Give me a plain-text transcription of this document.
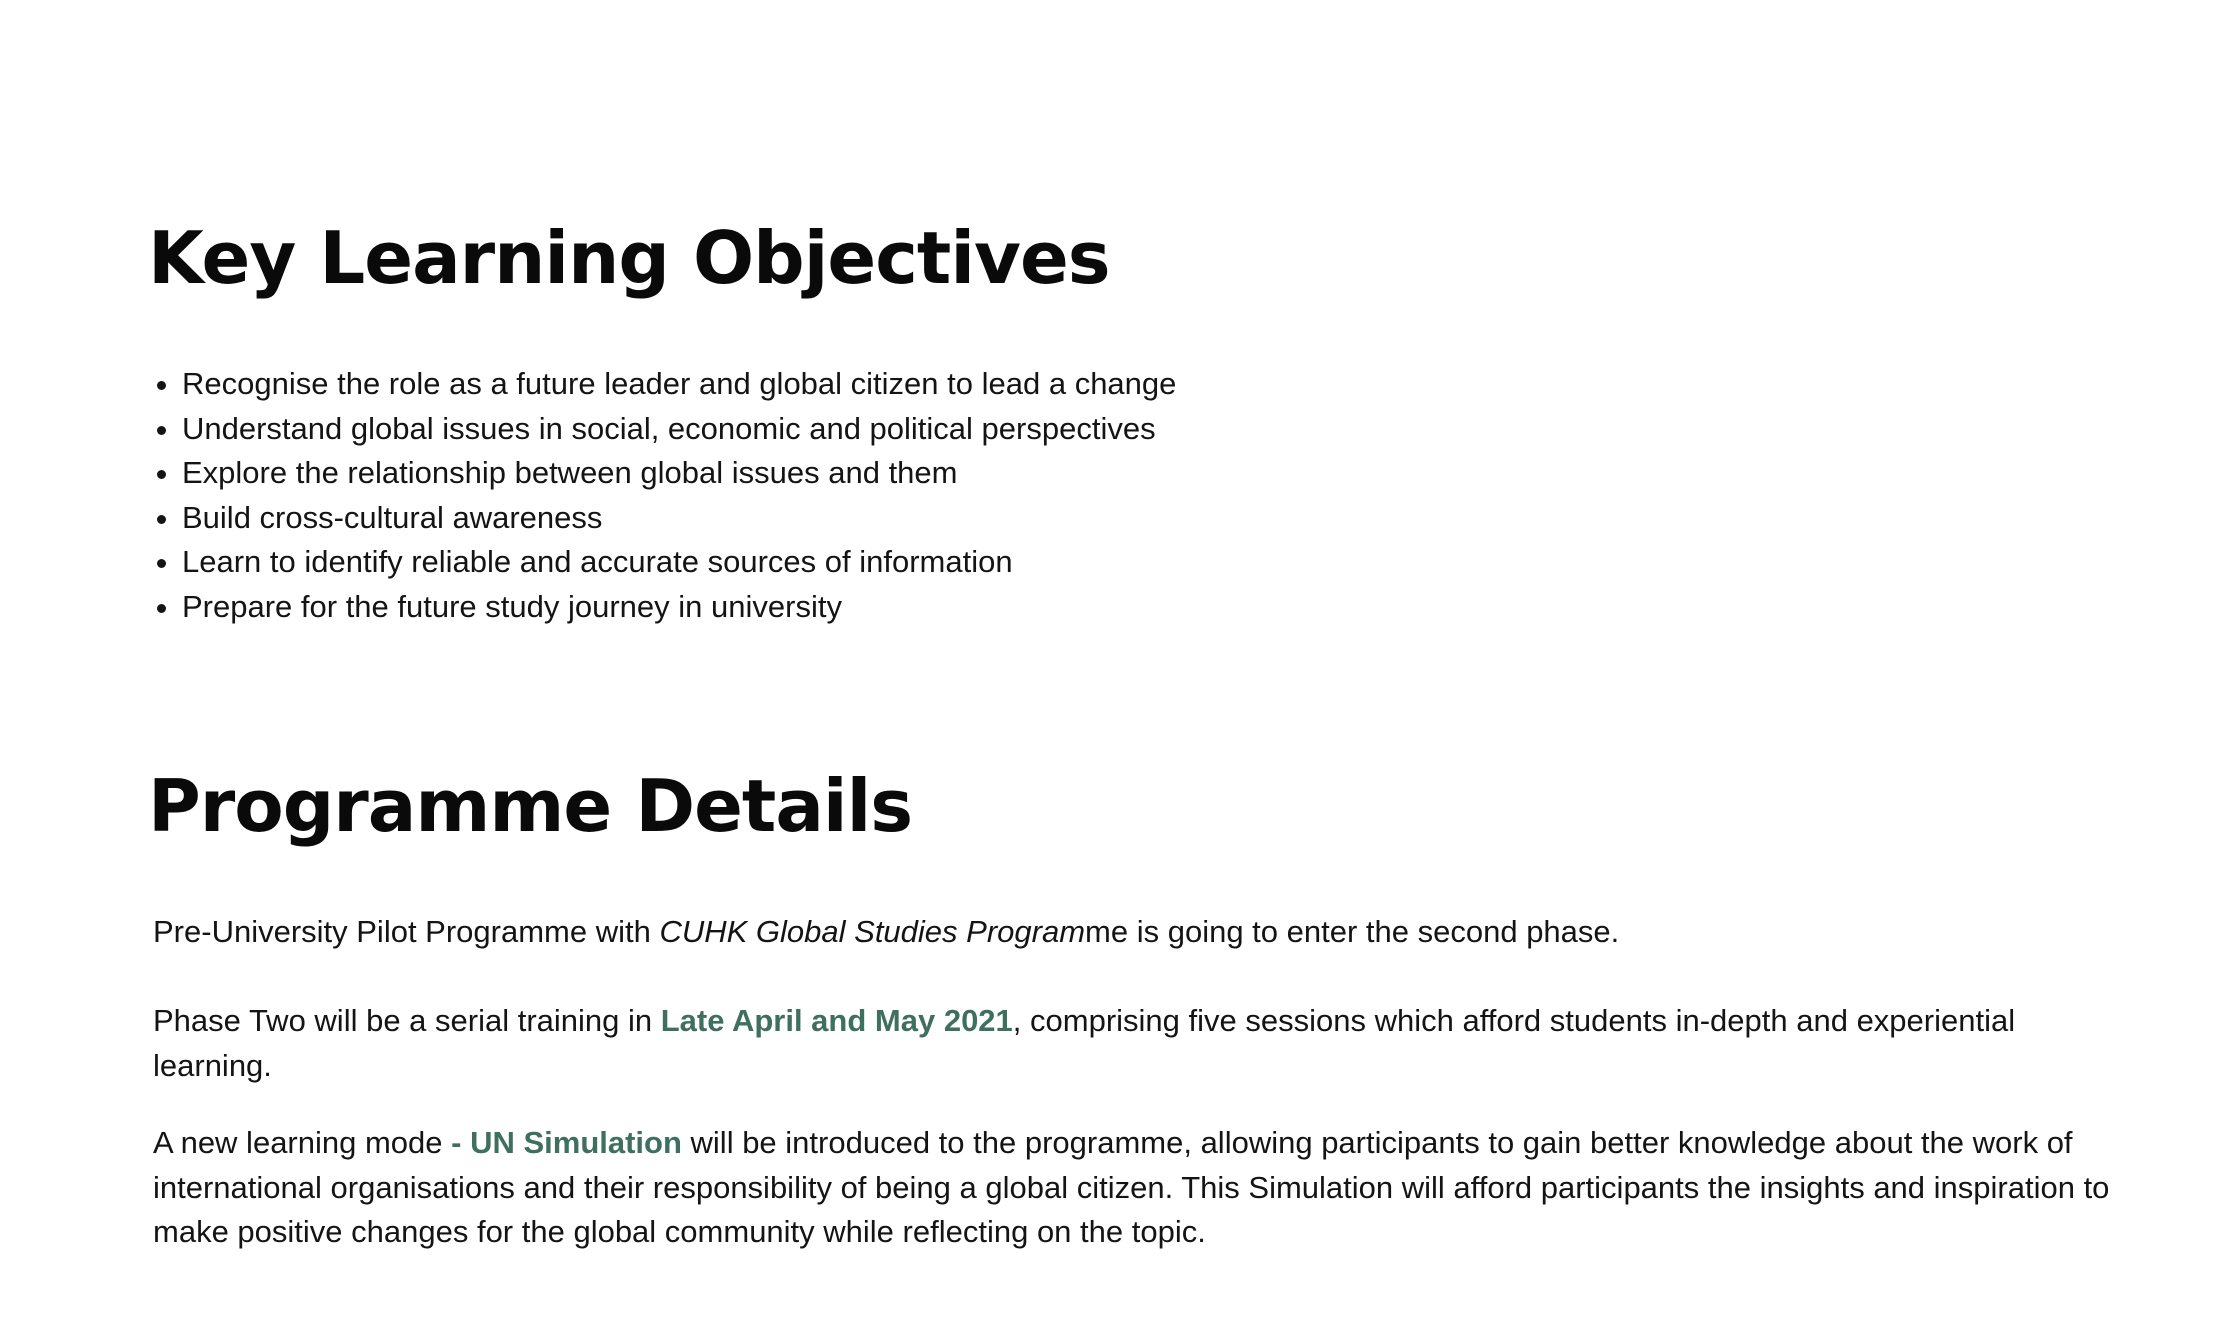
Key Learning Objectives
• Recognise the role as a future leader and global citizen to lead a change
• Understand global issues in social, economic and political perspectives
• Explore the relationship between global issues and them
• Build cross-cultural awareness
• Learn to identify reliable and accurate sources of information
• Prepare for the future study journey in university
Programme Details

Pre-University Pilot Programme with CUHK Global Studies Programme is going to enter the second phase.

Phase Two will be a serial training in Late April and May 2021, comprising five sessions which afford students in-depth and experiential learning.

A new learning mode - UN Simulation will be introduced to the programme, allowing participants to gain better knowledge about the work of international organisations and their responsibility of being a global citizen. This Simulation will afford participants the insights and inspiration to make positive changes for the global community while reflecting on the topic.
